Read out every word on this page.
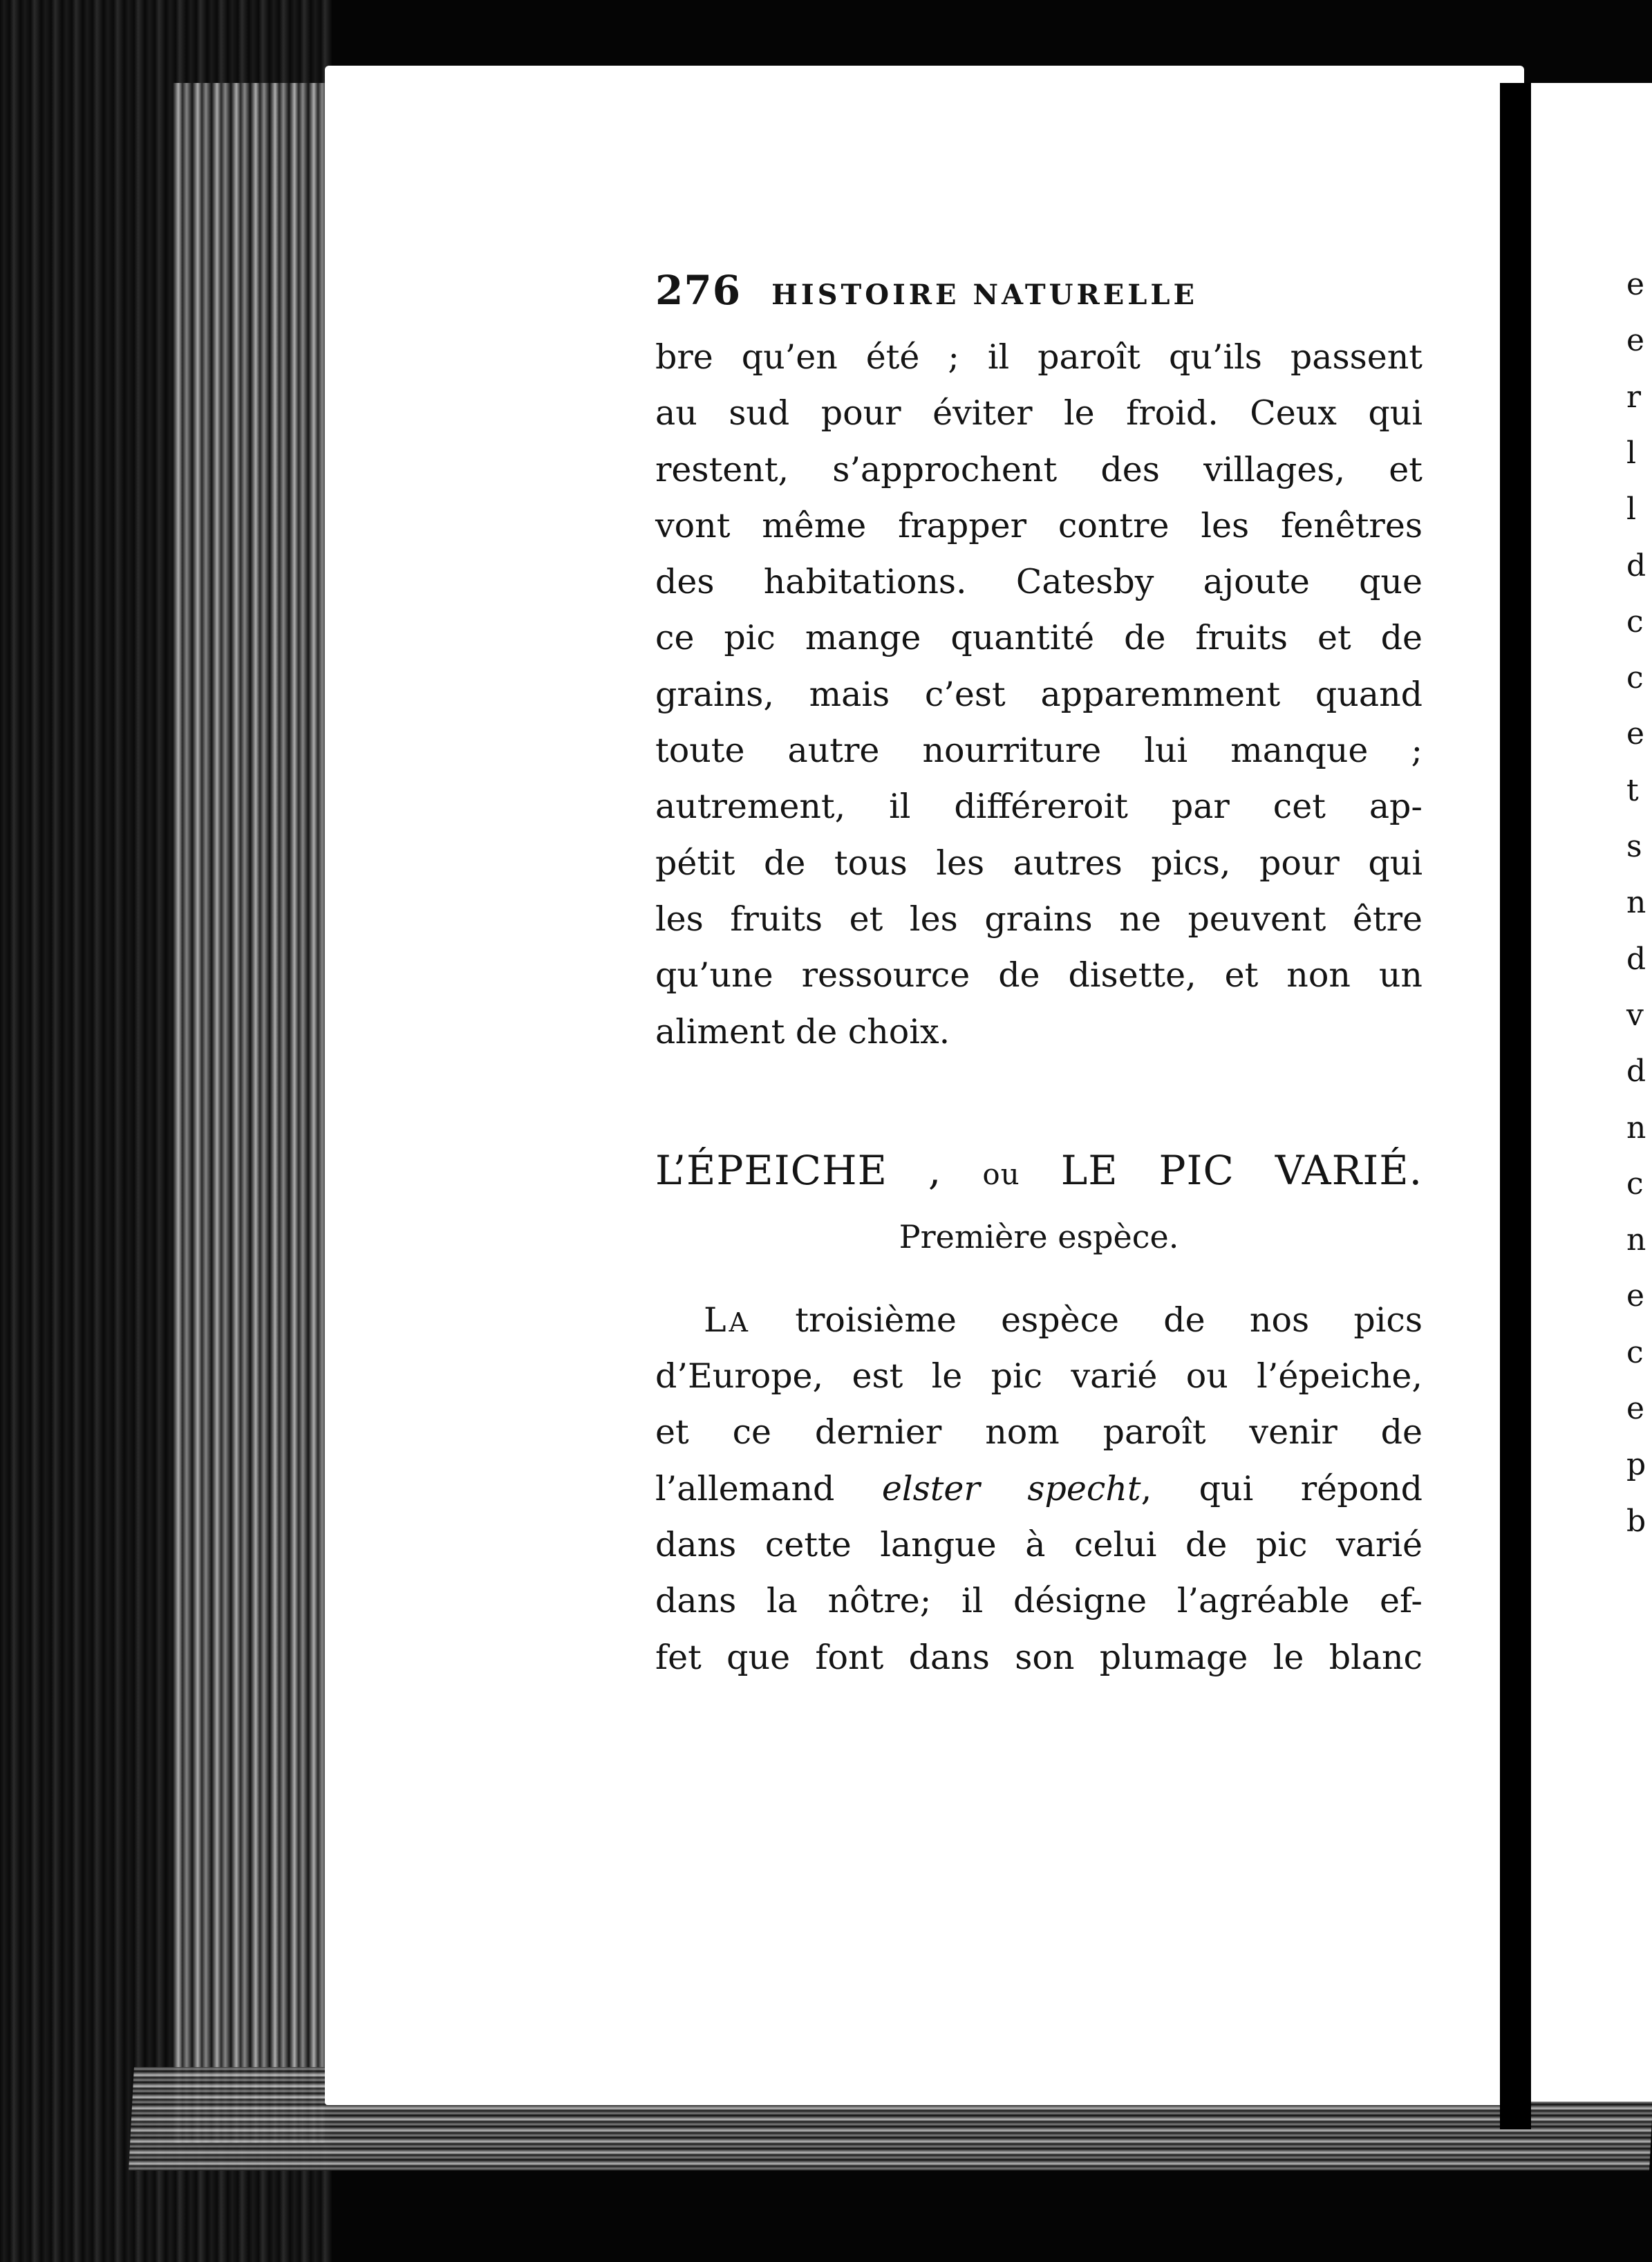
e
e
r
l
l
d
c
c
e
t
s
n
d
v
d
n
c
n
e
c
e
p
b
276 HISTOIRE NATURELLE
bre qu’en été ; il paroît qu’ils passent
au sud pour éviter le froid. Ceux qui
restent, s’approchent des villages, et
vont même frapper contre les fenêtres
des habitations. Catesby ajoute que
ce pic mange quantité de fruits et de
grains, mais c’est apparemment quand
toute autre nourriture lui manque ;
autrement, il différeroit par cet ap-
pétit de tous les autres pics, pour qui
les fruits et les grains ne peuvent être
qu’une ressource de disette, et non un
aliment de choix.
L’ÉPEICHE , ou LE PIC VARIÉ.
Première espèce.
LA troisième espèce de nos pics
d’Europe, est le pic varié ou l’épeiche,
et ce dernier nom paroît venir de
l’allemand elster specht, qui répond
dans cette langue à celui de pic varié
dans la nôtre; il désigne l’agréable ef-
fet que font dans son plumage le blanc
